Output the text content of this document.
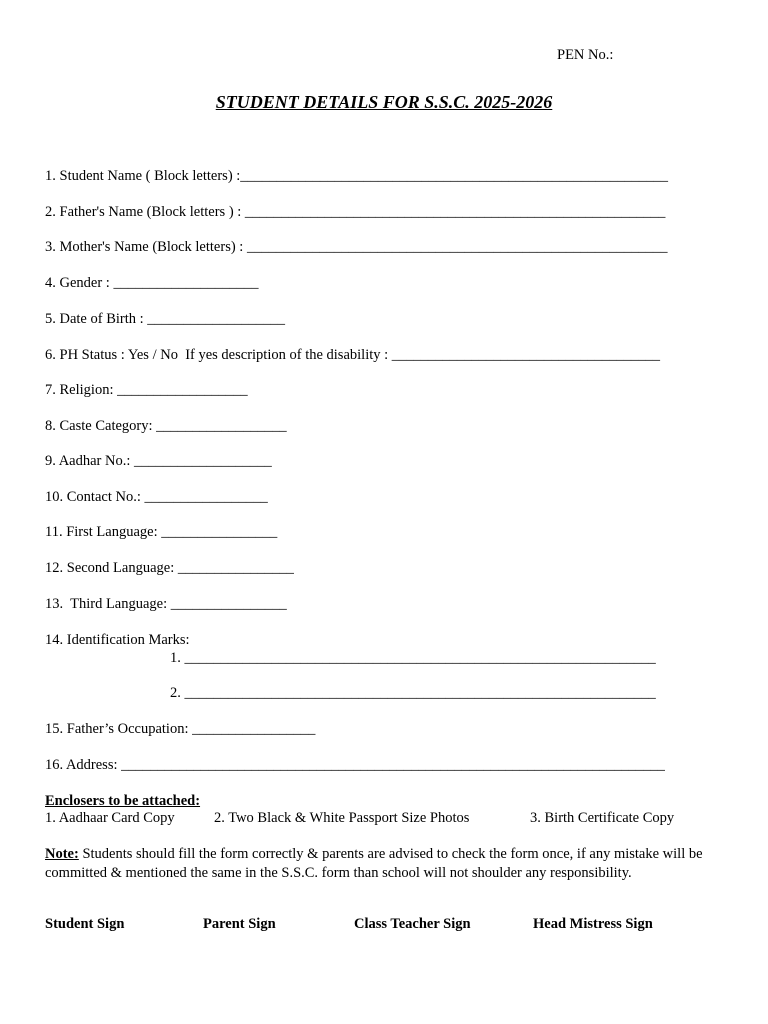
PEN No.:
STUDENT DETAILS FOR S.S.C. 2025-2026
1. Student Name ( Block letters) :___________________________________________________________
2. Father's Name (Block letters ) : __________________________________________________________
3. Mother's Name (Block letters) : __________________________________________________________
4. Gender : ____________________
5. Date of Birth : ___________________
6. PH Status : Yes / No  If yes description of the disability : _____________________________________
7. Religion: __________________
8. Caste Category: __________________
9. Aadhar No.: ___________________
10. Contact No.: _________________
11. First Language: ________________
12. Second Language: ________________
13.  Third Language: ________________
14. Identification Marks:
1. _________________________________________________________________
2. _________________________________________________________________
15. Father’s Occupation: _________________
16. Address: ___________________________________________________________________________
Enclosers to be attached:
1. Aadhaar Card Copy	2. Two Black & White Passport Size Photos	3. Birth Certificate Copy
Note: Students should fill the form correctly & parents are advised to check the form once, if any mistake will be committed & mentioned the same in the S.S.C. form than school will not shoulder any responsibility.
Student Sign	Parent Sign	Class Teacher Sign	Head Mistress Sign
